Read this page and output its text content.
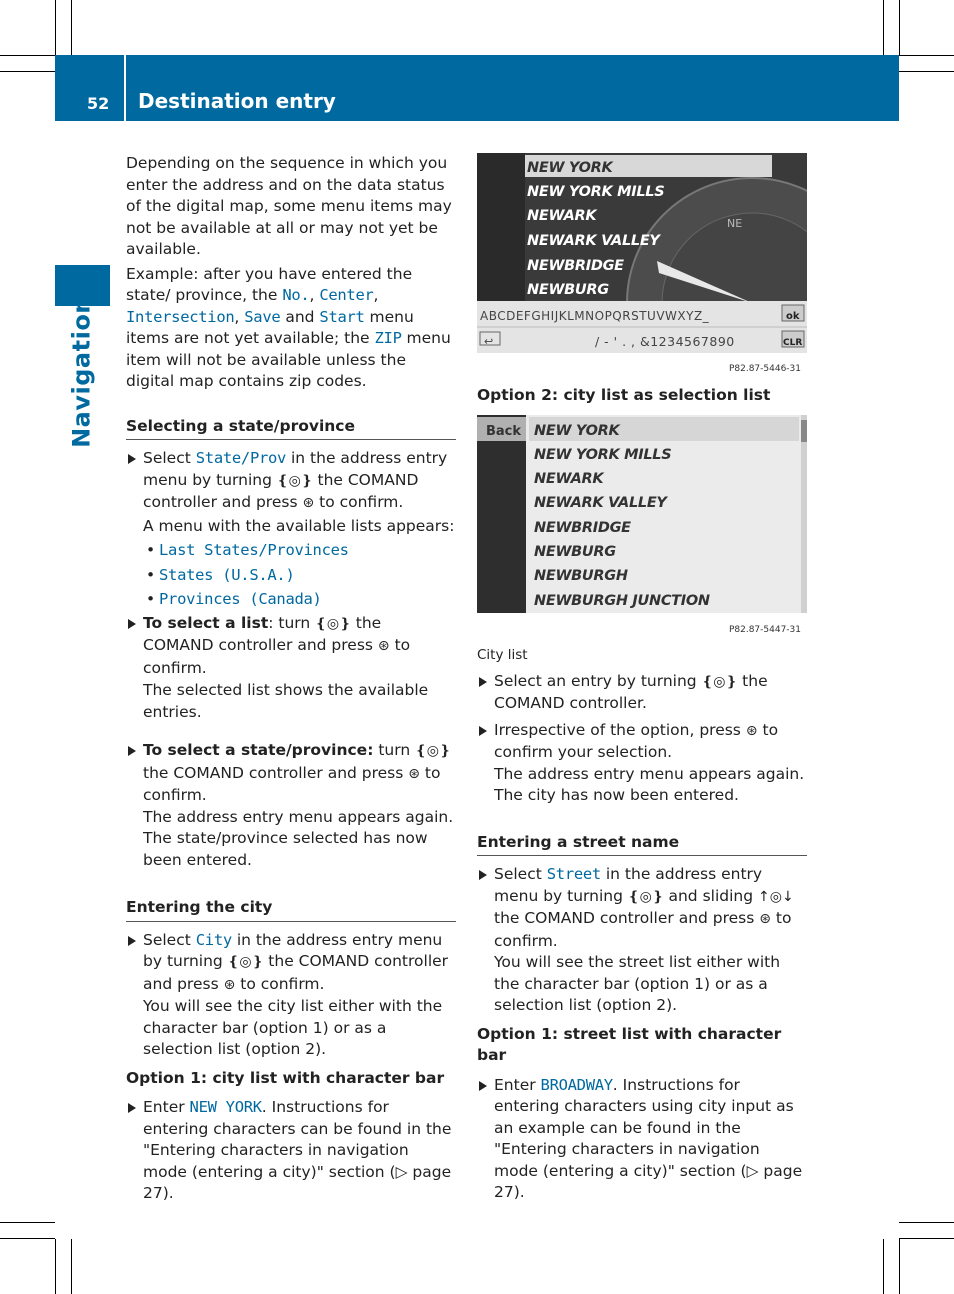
52 Destination entry
Navigation

Depending on the sequence in which you enter the address and on the data status of the digital map, some menu items may not be available at all or may not yet be available.

Example: after you have entered the state/ province, the No., Center, Intersection, Save and Start menu items are not yet available; the ZIP menu item will not be available unless the digital map contains zip codes.

Selecting a state/province

Select State/Prov in the address entry menu by turning ❴◎❵ the COMAND controller and press ⊛ to confirm.

A menu with the available lists appears:

• Last States/Provinces

• States (U.S.A.)

• Provinces (Canada)

To select a list: turn ❴◎❵ the COMAND controller and press ⊛ to confirm.

The selected list shows the available entries.

To select a state/province: turn ❴◎❵ the COMAND controller and press ⊛ to confirm.

The address entry menu appears again. The state/province selected has now been entered.

Entering the city

Select City in the address entry menu by turning ❴◎❵ the COMAND controller and press ⊛ to confirm.

You will see the city list either with the character bar (option 1) or as a selection list (option 2).

Option 1: city list with character bar

Enter NEW YORK. Instructions for entering characters can be found in the "Entering characters in navigation mode (entering a city)" section (▷ page 27).
NEW YORK
NEW YORK MILLS
NEWARK
NEWARK VALLEY
NEWBRIDGE
NEWBURG
NE
ABCDEFGHIJKLMNOPQRSTUVWXYZ_
/ - ' . , &1234567890
↩
ok
CLR
P82.87-5446-31

Option 2: city list as selection list

Back NEW YORK
NEW YORK MILLS
NEWARK
NEWARK VALLEY
NEWBRIDGE
NEWBURG
NEWBURGH
NEWBURGH JUNCTION
P82.87-5447-31

City list

Select an entry by turning ❴◎❵ the COMAND controller.
Irrespective of the option, press ⊛ to confirm your selection.

The address entry menu appears again. The city has now been entered.

Entering a street name

Select Street in the address entry menu by turning ❴◎❵ and sliding ↑◎↓ the COMAND controller and press ⊛ to confirm.

You will see the street list either with the character bar (option 1) or as a selection list (option 2).

Option 1: street list with character bar

Enter BROADWAY. Instructions for entering characters using city input as an example can be found in the "Entering characters in navigation mode (entering a city)" section (▷ page 27).
